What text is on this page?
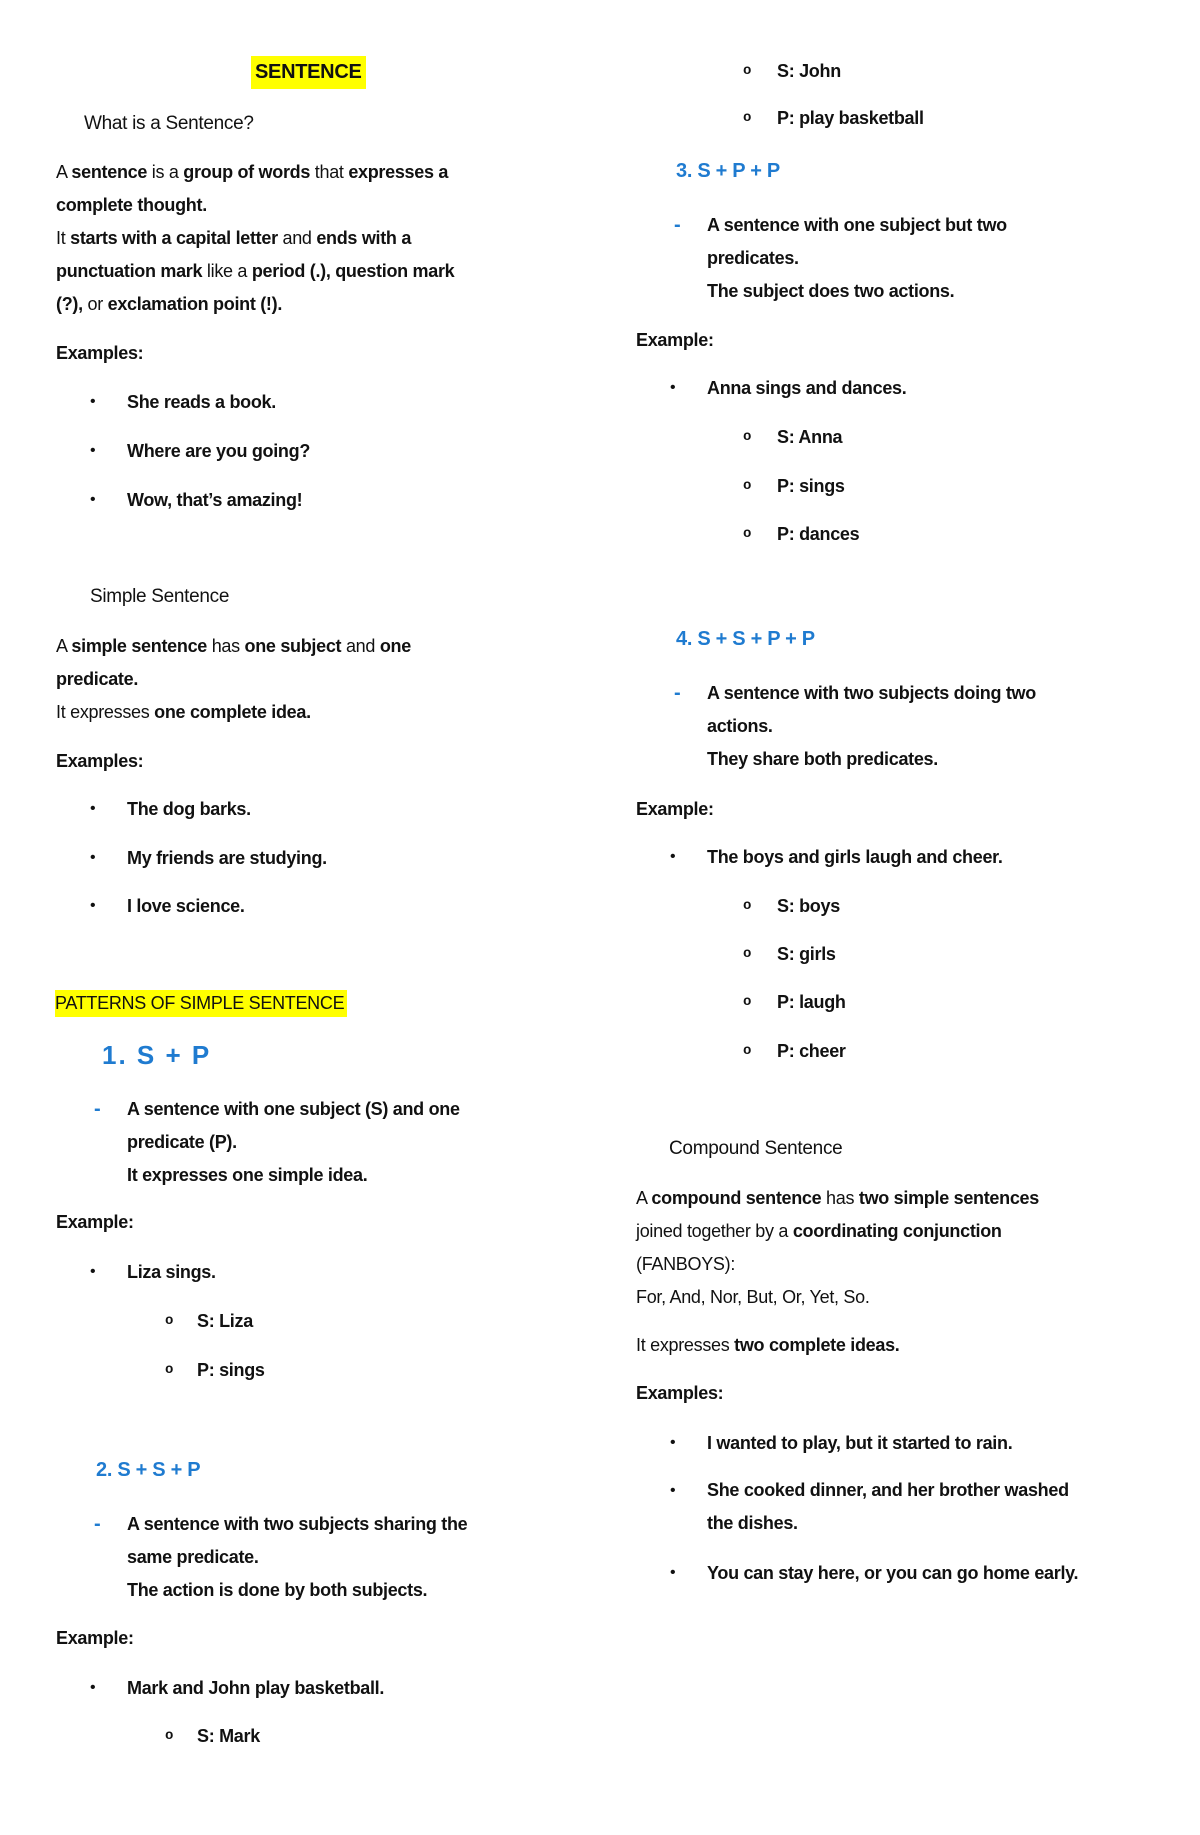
SENTENCE
What is a Sentence?
A sentence is a group of words that expresses a
complete thought.
It starts with a capital letter and ends with a
punctuation mark like a period (.), question mark
(?), or exclamation point (!).
Examples:
• She reads a book.
• Where are you going?
• Wow, that’s amazing!
Simple Sentence
A simple sentence has one subject and one
predicate.
It expresses one complete idea.
Examples:
• The dog barks.
• My friends are studying.
• I love science.
PATTERNS OF SIMPLE SENTENCE
1. S + P
- A sentence with one subject (S) and one
predicate (P).
It expresses one simple idea.
Example:
• Liza sings.
o S: Liza
o P: sings
2. S + S + P
- A sentence with two subjects sharing the
same predicate.
The action is done by both subjects.
Example:
• Mark and John play basketball.
o S: Mark
o S: John
o P: play basketball
3. S + P + P
- A sentence with one subject but two
predicates.
The subject does two actions.
Example:
• Anna sings and dances.
o S: Anna
o P: sings
o P: dances
4. S + S + P + P
- A sentence with two subjects doing two
actions.
They share both predicates.
Example:
• The boys and girls laugh and cheer.
o S: boys
o S: girls
o P: laugh
o P: cheer
Compound Sentence
A compound sentence has two simple sentences
joined together by a coordinating conjunction
(FANBOYS):
For, And, Nor, But, Or, Yet, So.
It expresses two complete ideas.
Examples:
• I wanted to play, but it started to rain.
• She cooked dinner, and her brother washed
the dishes.
• You can stay here, or you can go home early.
